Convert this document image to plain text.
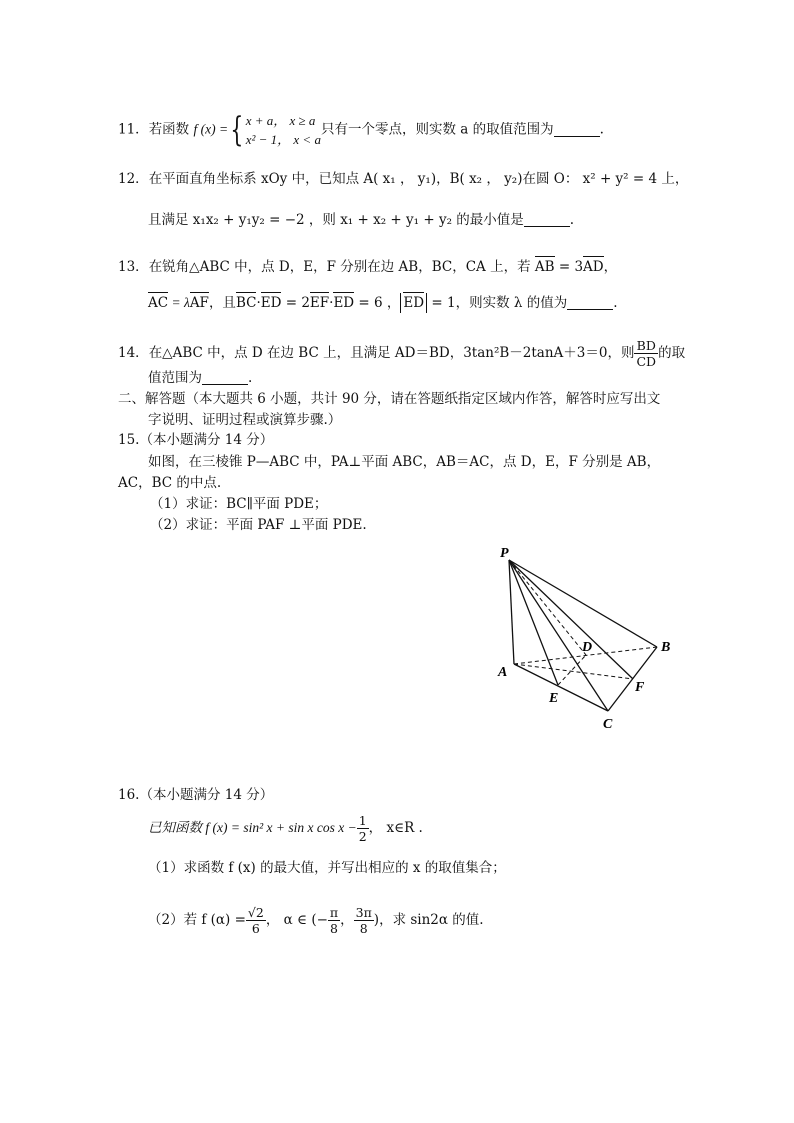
11．若函数 f (x) ={ x + a， x ≥ a
x² − 1， x < a
只有一个零点，则实数 a 的取值范围为	.
12．在平面直角坐标系 xOy 中，已知点 A( x₁ ， y₁)，B( x₂ ， y₂)在圆 O： x² + y² = 4 上，
且满足 x₁x₂ + y₁y₂ = −2 ，则 x₁ + x₂ + y₁ + y₂ 的最小值是	.
13．在锐角△ABC 中，点 D，E，F 分别在边 AB，BC，CA 上，若 AB = 3AD，
AC = λAF，且BC·ED = 2EF·ED = 6 ， ED = 1，则实数 λ 的值为	.
14．在△ABC 中，点 D 在边 BC 上，且满足 AD＝BD，3tan²B－2tanA＋3＝0，则 $\frac{BD}{CD}$ 的取
值范围为	.
二、解答题（本大题共 6 小题，共计 90 分，请在答题纸指定区域内作答，解答时应写出文
字说明、证明过程或演算步骤.）
15.（本小题满分 14 分）
如图，在三棱锥 P—ABC 中，PA⊥平面 ABC，AB＝AC，点 D，E，F 分别是 AB，
AC，BC 的中点.
（1）求证：BC∥平面 PDE；
（2）求证：平面 PAF ⊥平面 PDE.
P
A
B
C
D
E
F
16.（本小题满分 14 分）
已知函数 f (x) = sin² x + sin x $\cos x - \frac{1}{2}$ ， x∈R .
（1）求函数 f (x) 的最大值，并写出相应的 x 的取值集合；
（2）若 f $(\alpha) = \frac{√2}{6}$ ， α ∈ (− $\frac{\pi}{8}$ ， $\frac{3\pi}{8}$ )，求 sin2α 的值.
